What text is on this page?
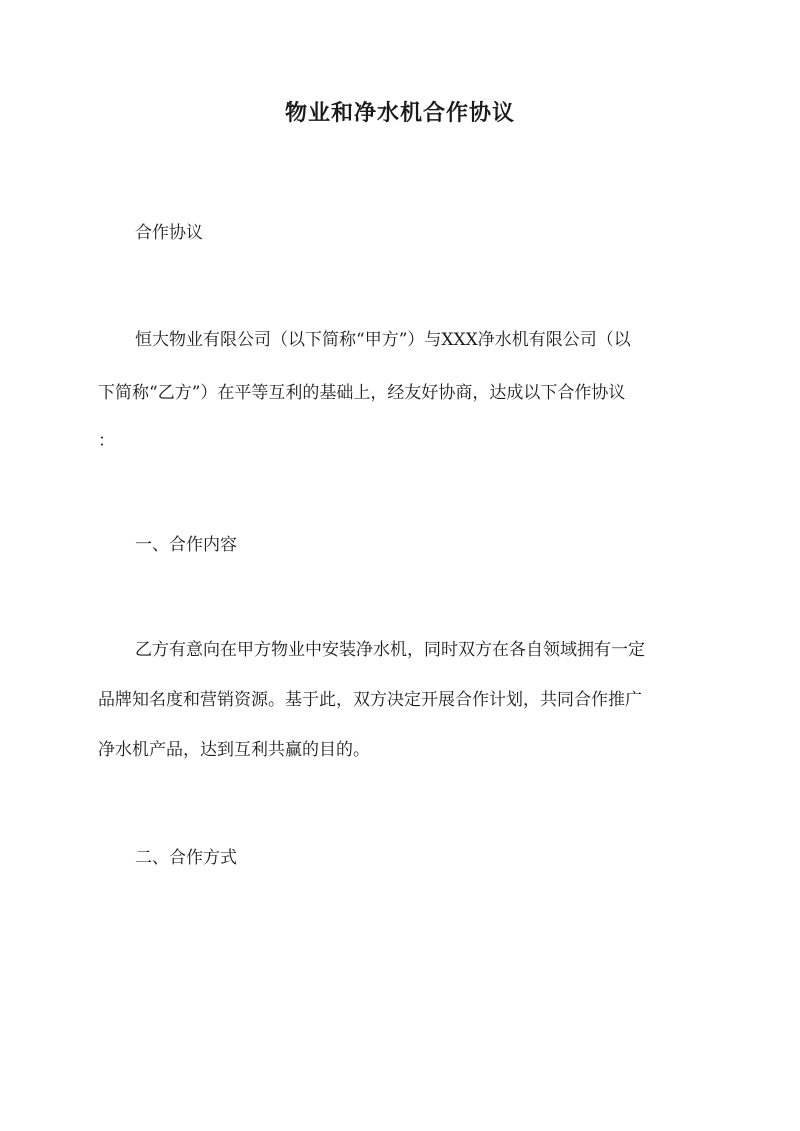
物业和净水机合作协议

合作协议

恒大物业有限公司（以下简称“甲方”）与XXX净水机有限公司（以

下简称“乙方”）在平等互利的基础上，经友好协商，达成以下合作协议

：

一、合作内容

乙方有意向在甲方物业中安装净水机，同时双方在各自领域拥有一定

品牌知名度和营销资源。基于此，双方决定开展合作计划，共同合作推广

净水机产品，达到互利共赢的目的。

二、合作方式
